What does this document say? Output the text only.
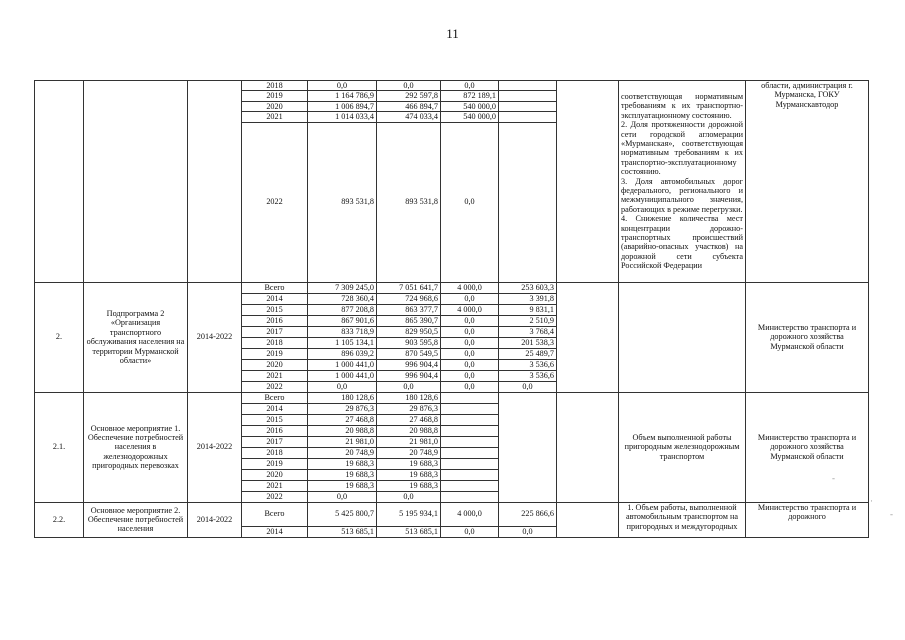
11
-
·
-
			2018	0,0	0,0	0,0			соответствующая нормативным требованиям к их транспортно-эксплуатационному состоянию.
2. Доля протяженности дорожной сети городской агломерации «Мурманская», соответствующая нормативным требованиям к их транспортно-эксплуатационному состоянию.
3. Доля автомобильных дорог федерального, регионального и межмуниципального значения, работающих в режиме перегрузки.
4. Снижение количества мест концентрации дорожно-транспортных происшествий (аварийно-опасных участков) на дорожной сети субъекта Российской Федерации	области, администрация г. Мурманска, ГОКУ Мурманскавтодор
			2019	1 164 786,9	292 597,8	872 189,1				
			2020	1 006 894,7	466 894,7	540 000,0				
			2021	1 014 033,4	474 033,4	540 000,0				
			2022	893 531,8	893 531,8	0,0				
2.	Подпрограмма 2 «Организация транспортного обслуживания населения на территории Мурманской области»	2014-2022	Всего	7 309 245,0	7 051 641,7	4 000,0	253 603,3			Министерство транспорта и дорожного хозяйства Мурманской области
			2014	728 360,4	724 968,6	0,0	3 391,8			
			2015	877 208,8	863 377,7	4 000,0	9 831,1			
			2016	867 901,6	865 390,7	0,0	2 510,9			
			2017	833 718,9	829 950,5	0,0	3 768,4			
			2018	1 105 134,1	903 595,8	0,0	201 538,3			
			2019	896 039,2	870 549,5	0,0	25 489,7			
			2020	1 000 441,0	996 904,4	0,0	3 536,6			
			2021	1 000 441,0	996 904,4	0,0	3 536,6			
			2022	0,0	0,0	0,0	0,0			
2.1.	Основное мероприятие 1. Обеспечение потребностей населения в железнодорожных пригородных перевозках	2014-2022	Всего	180 128,6	180 128,6				Объем выполненной работы пригородным железнодорожным транспортом	Министерство транспорта и дорожного хозяйства Мурманской области
			2014	29 876,3	29 876,3					
			2015	27 468,8	27 468,8					
			2016	20 988,8	20 988,8					
			2017	21 981,0	21 981,0					
			2018	20 748,9	20 748,9					
			2019	19 688,3	19 688,3					
			2020	19 688,3	19 688,3					
			2021	19 688,3	19 688,3					
			2022	0,0	0,0					
2.2.	Основное мероприятие 2. Обеспечение потребностей населения	2014-2022	Всего	5 425 800,7	5 195 934,1	4 000,0	225 866,6		1. Объем работы, выполненной автомобильным транспортом на пригородных и междугородных	Министерство транспорта и дорожного
			2014	513 685,1	513 685,1	0,0	0,0			
